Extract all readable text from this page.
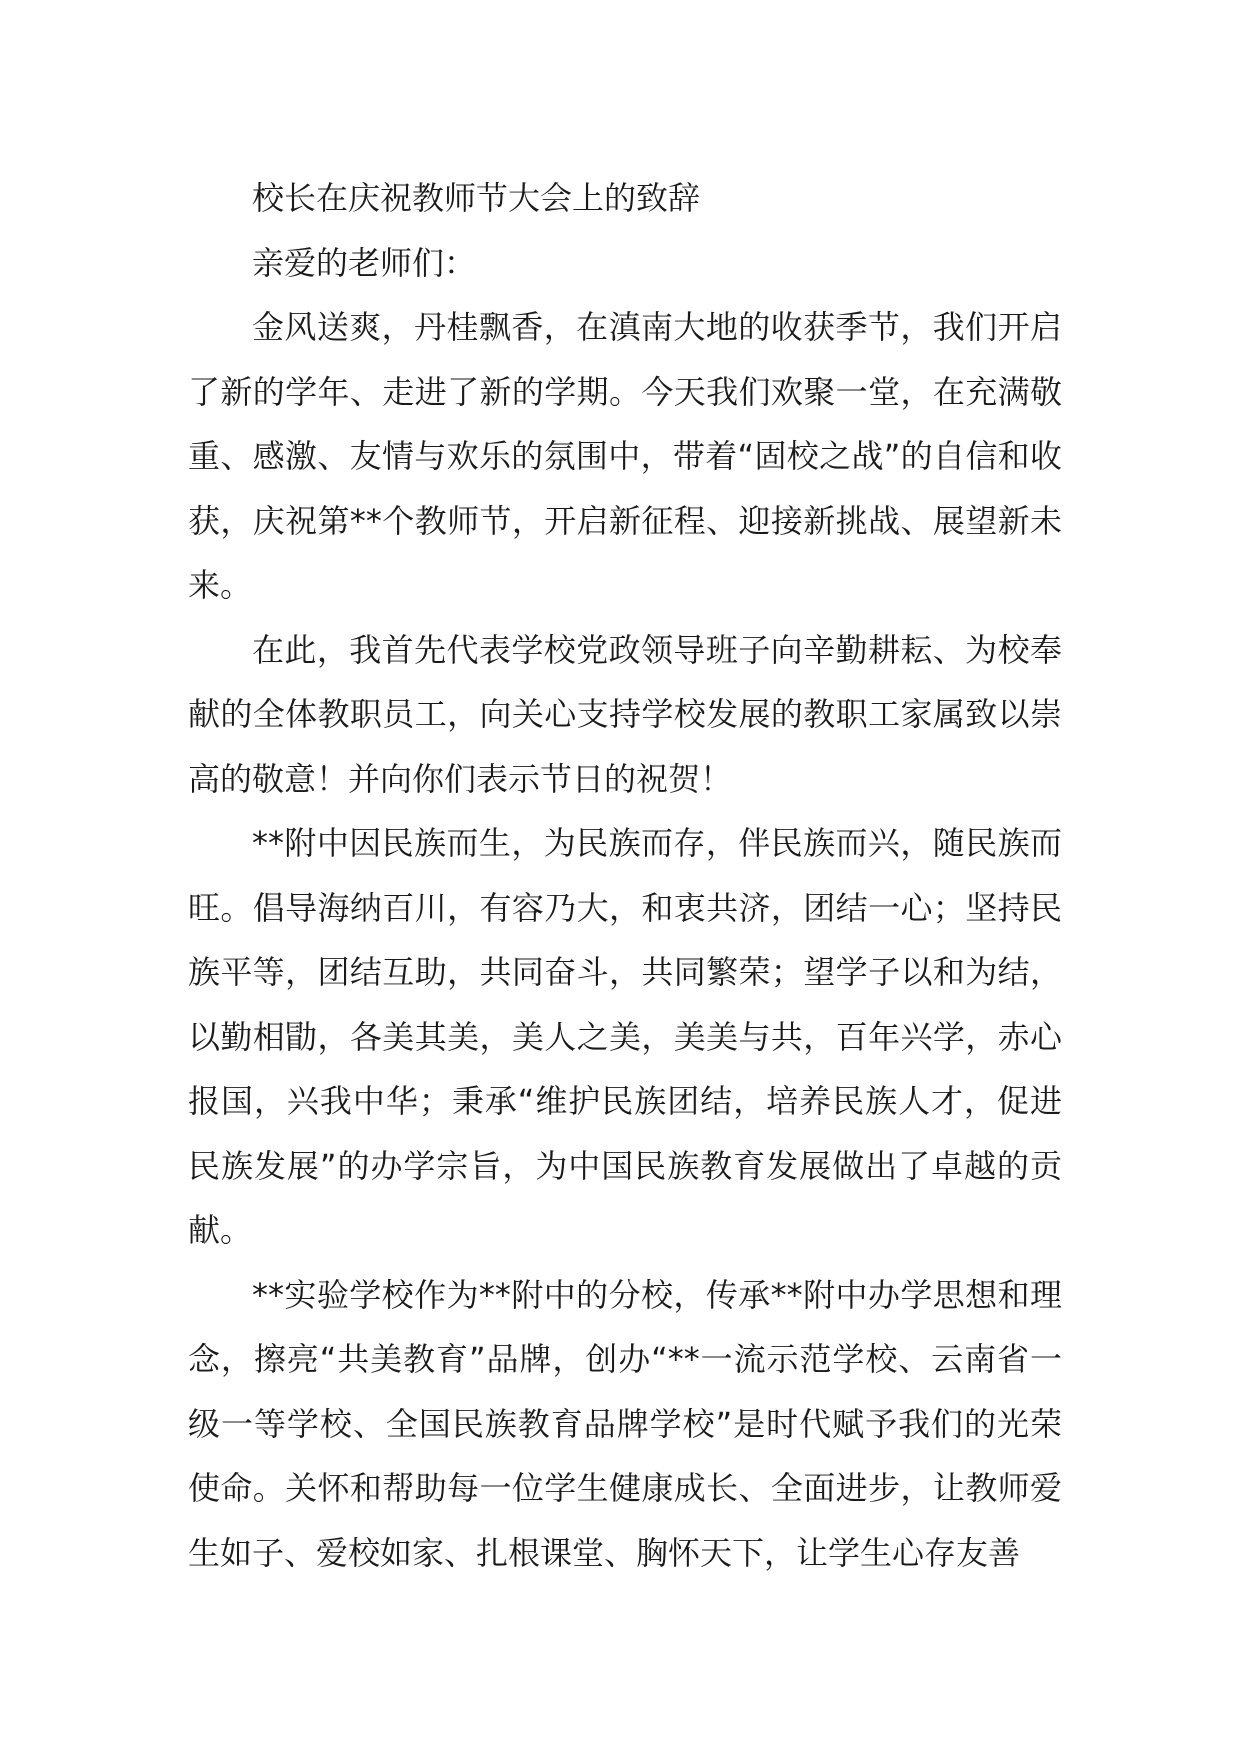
校长在庆祝教师节大会上的致辞

亲爱的老师们：

金风送爽，丹桂飘香，在滇南大地的收获季节，我们开启了新的学年、走进了新的学期。今天我们欢聚一堂，在充满敬重、感激、友情与欢乐的氛围中，带着“固校之战”的自信和收获，庆祝第**个教师节，开启新征程、迎接新挑战、展望新未来。

在此，我首先代表学校党政领导班子向辛勤耕耘、为校奉献的全体教职员工，向关心支持学校发展的教职工家属致以崇高的敬意！并向你们表示节日的祝贺！

**附中因民族而生，为民族而存，伴民族而兴，随民族而旺。倡导海纳百川，有容乃大，和衷共济，团结一心；坚持民族平等，团结互助，共同奋斗，共同繁荣；望学子以和为结，以勤相勖，各美其美，美人之美，美美与共，百年兴学，赤心报国，兴我中华；秉承“维护民族团结，培养民族人才，促进民族发展”的办学宗旨，为中国民族教育发展做出了卓越的贡献。

**实验学校作为**附中的分校，传承**附中办学思想和理念，擦亮“共美教育”品牌，创办“**一流示范学校、云南省一级一等学校、全国民族教育品牌学校”是时代赋予我们的光荣使命。关怀和帮助每一位学生健康成长、全面进步，让教师爱生如子、爱校如家、扎根课堂、胸怀天下，让学生心存友善
